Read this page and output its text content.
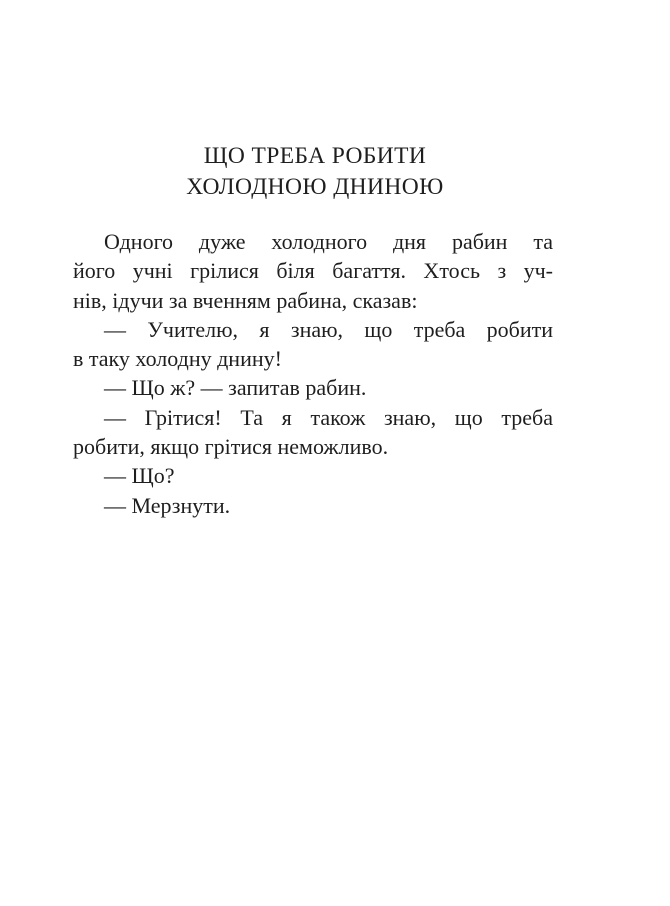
ЩО ТРЕБА РОБИТИ
ХОЛОДНОЮ ДНИНОЮ
Одного дуже холодного дня рабин та
його учні грілися біля багаття. Хтось з уч-
нів, ідучи за вченням рабина, сказав:
— Учителю, я знаю, що треба робити
в таку холодну днину!
— Що ж? — запитав рабин.
— Грітися! Та я також знаю, що треба
робити, якщо грітися неможливо.
— Що?
— Мерзнути.
